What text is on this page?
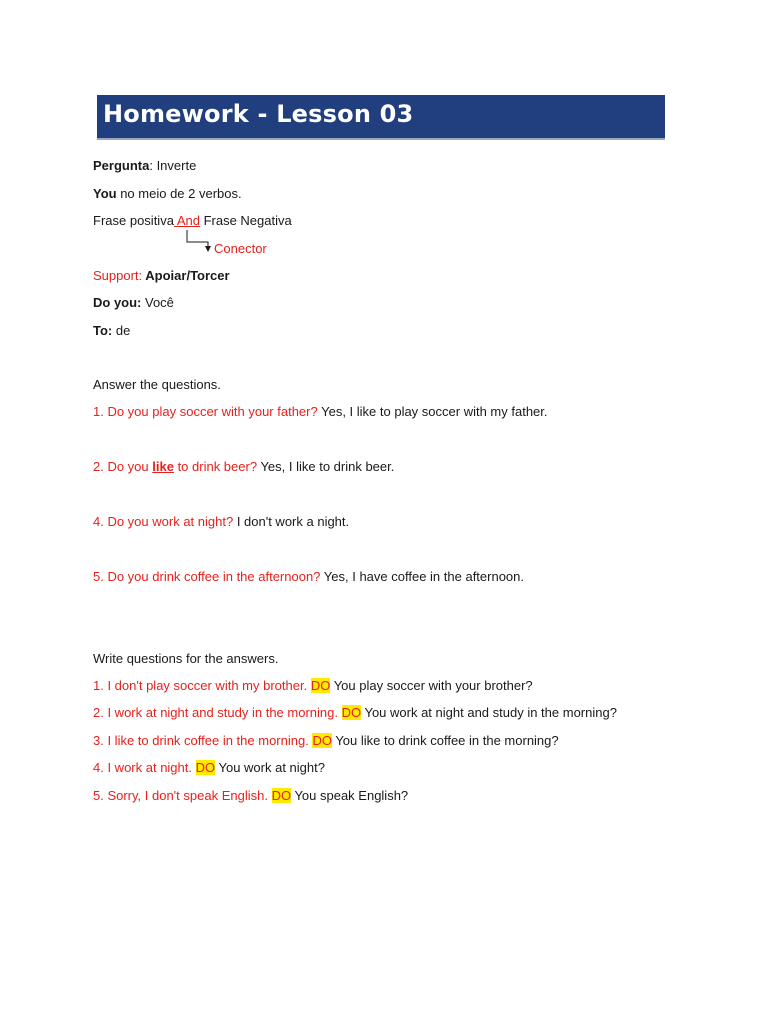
Homework - Lesson 03
Pergunta: Inverte
You no meio de 2 verbos.
Frase positiva And Frase Negativa
Conector
Support: Apoiar/Torcer
Do you: Você
To: de
Answer the questions.
1. Do you play soccer with your father? Yes, I like to play soccer with my father.
2. Do you like to drink beer? Yes, I like to drink beer.
4. Do you work at night? I don't work a night.
5. Do you drink coffee in the afternoon? Yes, I have coffee in the afternoon.
Write questions for the answers.
1. I don't play soccer with my brother. DO You play soccer with your brother?
2. I work at night and study in the morning. DO You work at night and study in the morning?
3. I like to drink coffee in the morning. DO You like to drink coffee in the morning?
4. I work at night. DO You work at night?
5. Sorry, I don't speak English. DO You speak English?
